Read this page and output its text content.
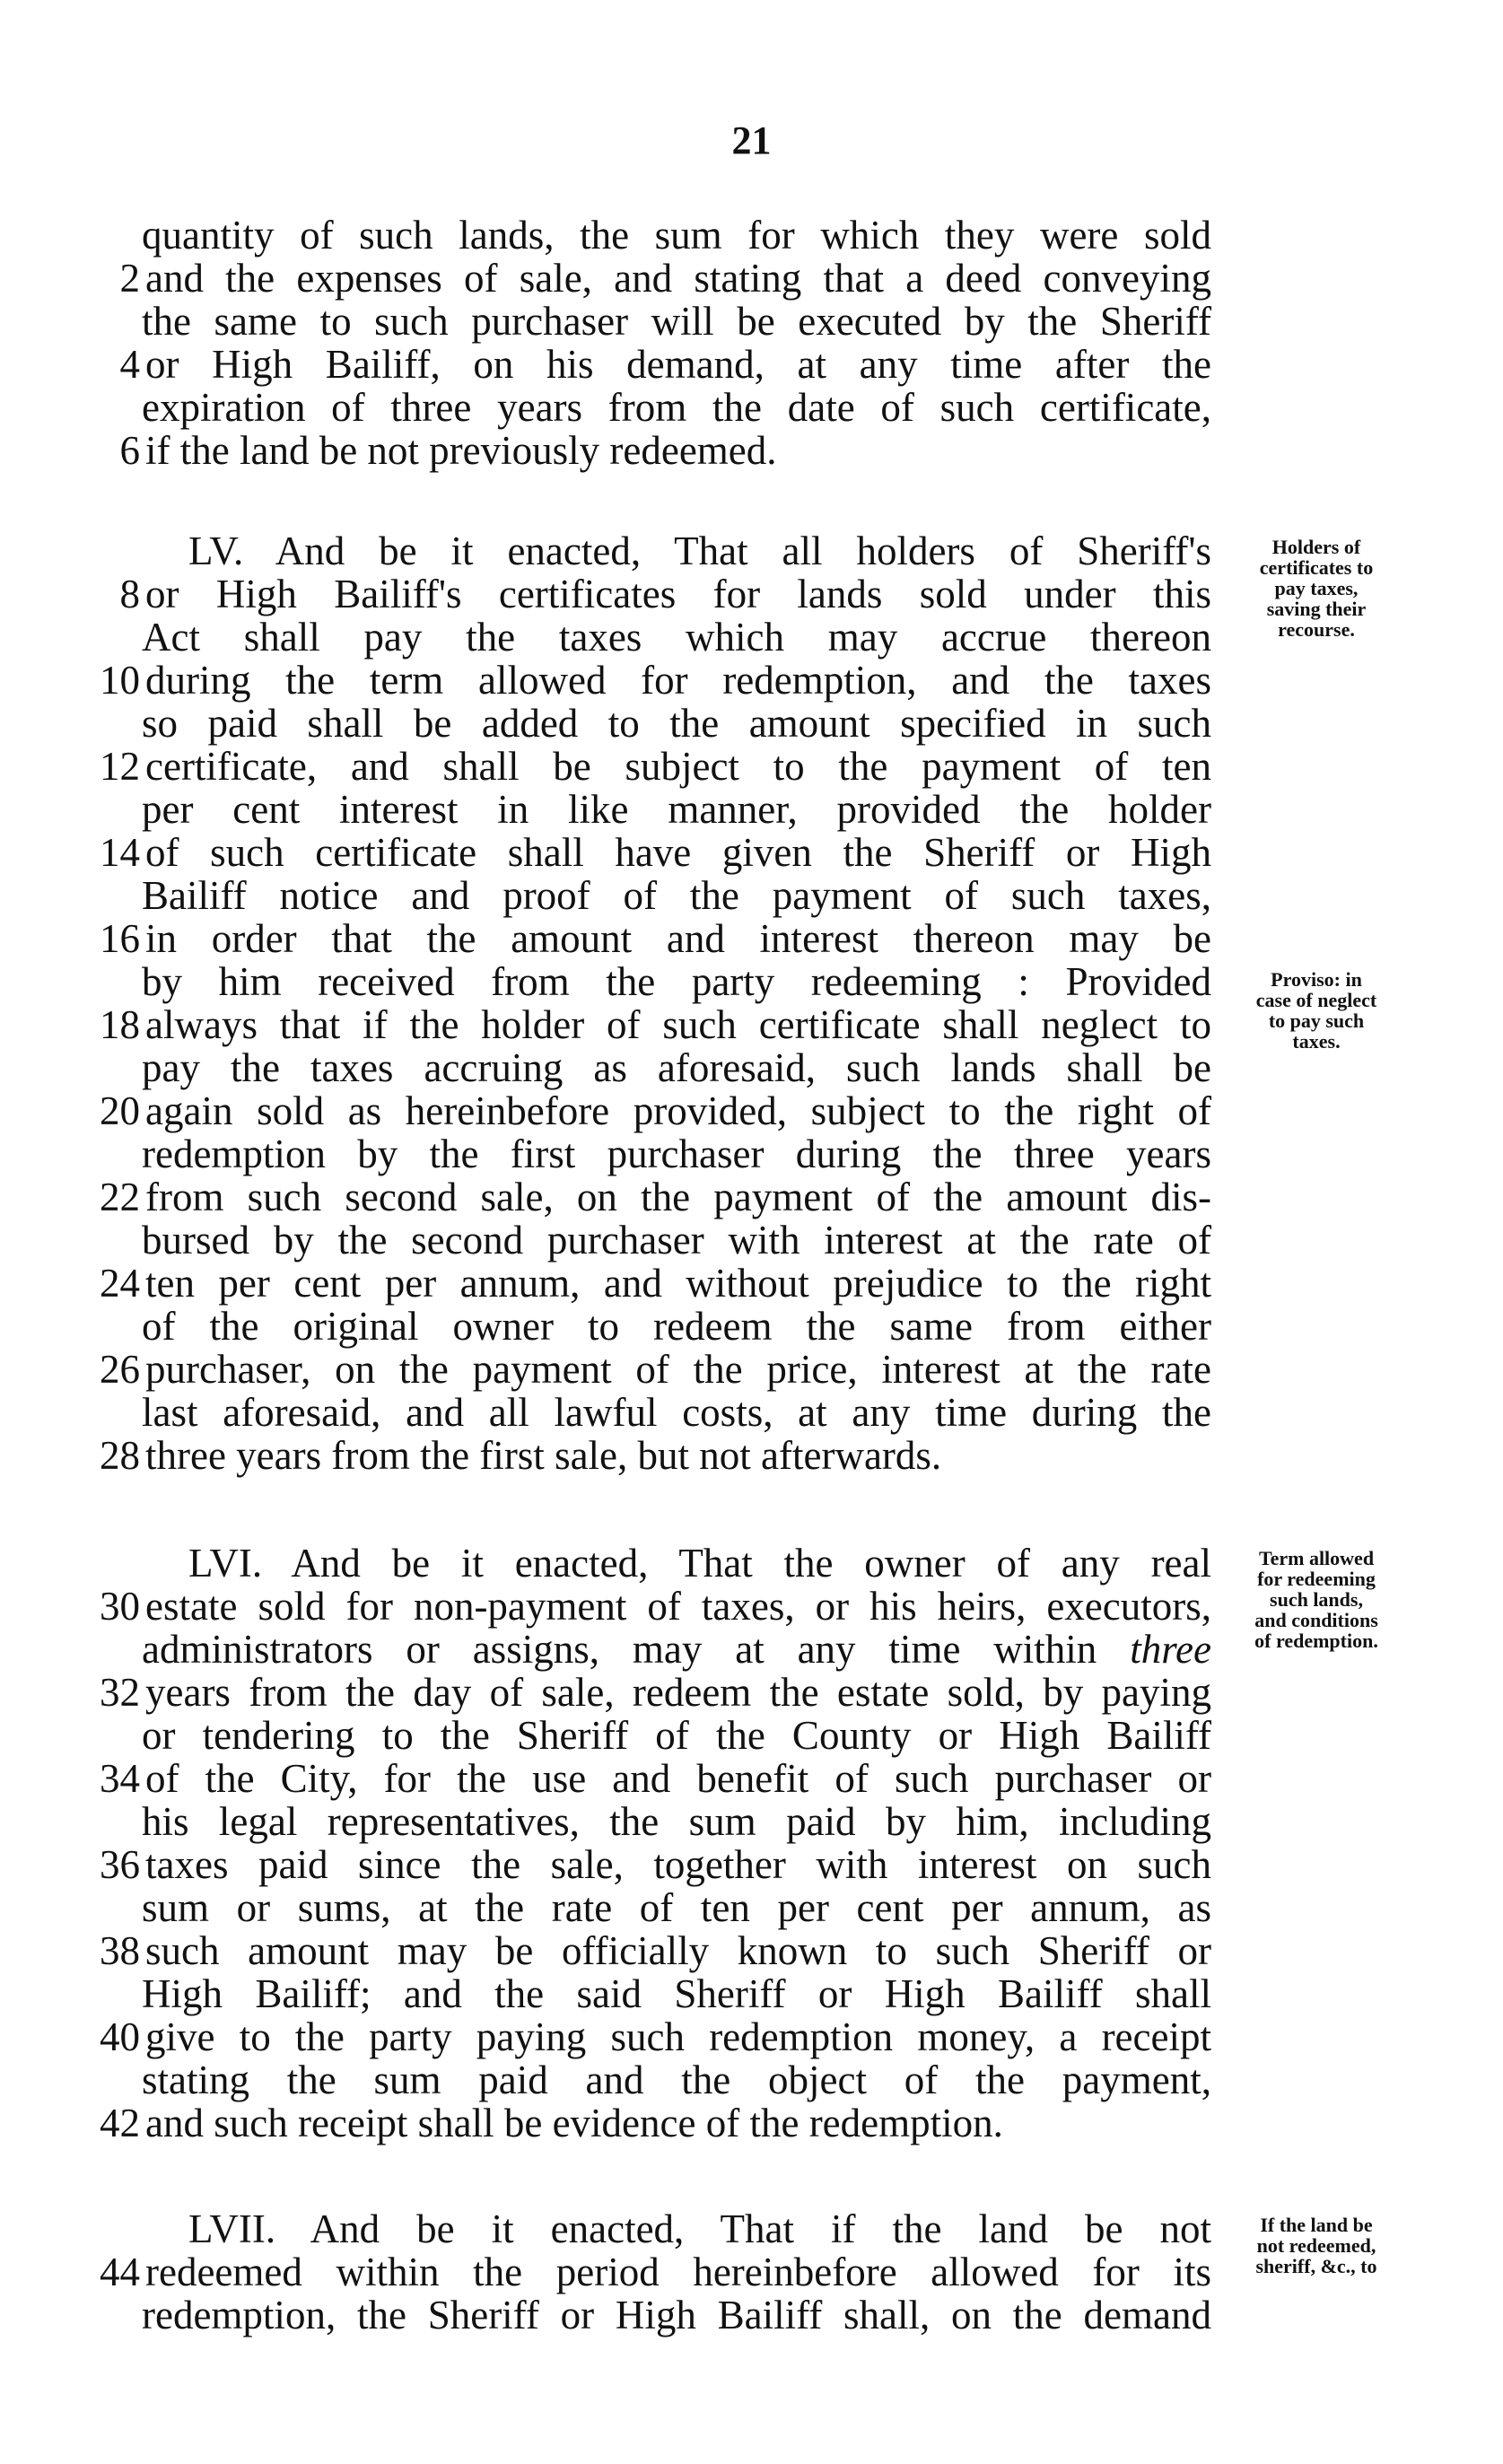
21
quantity of such lands, the sum for which they were sold
2 and the expenses of sale, and stating that a deed conveying
the same to such purchaser will be executed by the Sheriff
4 or High Bailiff, on his demand, at any time after the
expiration of three years from the date of such certificate,
6 if the land be not previously redeemed.
LV. And be it enacted, That all holders of Sheriff's
8 or High Bailiff's certificates for lands sold under this
Act shall pay the taxes which may accrue thereon
10 during the term allowed for redemption, and the taxes
so paid shall be added to the amount specified in such
12 certificate, and shall be subject to the payment of ten
per cent interest in like manner, provided the holder
14 of such certificate shall have given the Sheriff or High
Bailiff notice and proof of the payment of such taxes,
16 in order that the amount and interest thereon may be
by him received from the party redeeming : Provided
18 always that if the holder of such certificate shall neglect to
pay the taxes accruing as aforesaid, such lands shall be
20 again sold as hereinbefore provided, subject to the right of
redemption by the first purchaser during the three years
22 from such second sale, on the payment of the amount dis-
bursed by the second purchaser with interest at the rate of
24 ten per cent per annum, and without prejudice to the right
of the original owner to redeem the same from either
26 purchaser, on the payment of the price, interest at the rate
last aforesaid, and all lawful costs, at any time during the
28 three years from the first sale, but not afterwards.
LVI. And be it enacted, That the owner of any real
30 estate sold for non-payment of taxes, or his heirs, executors,
administrators or assigns, may at any time within three
32 years from the day of sale, redeem the estate sold, by paying
or tendering to the Sheriff of the County or High Bailiff
34 of the City, for the use and benefit of such purchaser or
his legal representatives, the sum paid by him, including
36 taxes paid since the sale, together with interest on such
sum or sums, at the rate of ten per cent per annum, as
38 such amount may be officially known to such Sheriff or
High Bailiff; and the said Sheriff or High Bailiff shall
40 give to the party paying such redemption money, a receipt
stating the sum paid and the object of the payment,
42 and such receipt shall be evidence of the redemption.
LVII. And be it enacted, That if the land be not
44 redeemed within the period hereinbefore allowed for its
redemption, the Sheriff or High Bailiff shall, on the demand
Holders of
certificates to
pay taxes,
saving their
recourse.
Proviso: in
case of neglect
to pay such
taxes.
Term allowed
for redeeming
such lands,
and conditions
of redemption.
If the land be
not redeemed,
sheriff, &c., to
